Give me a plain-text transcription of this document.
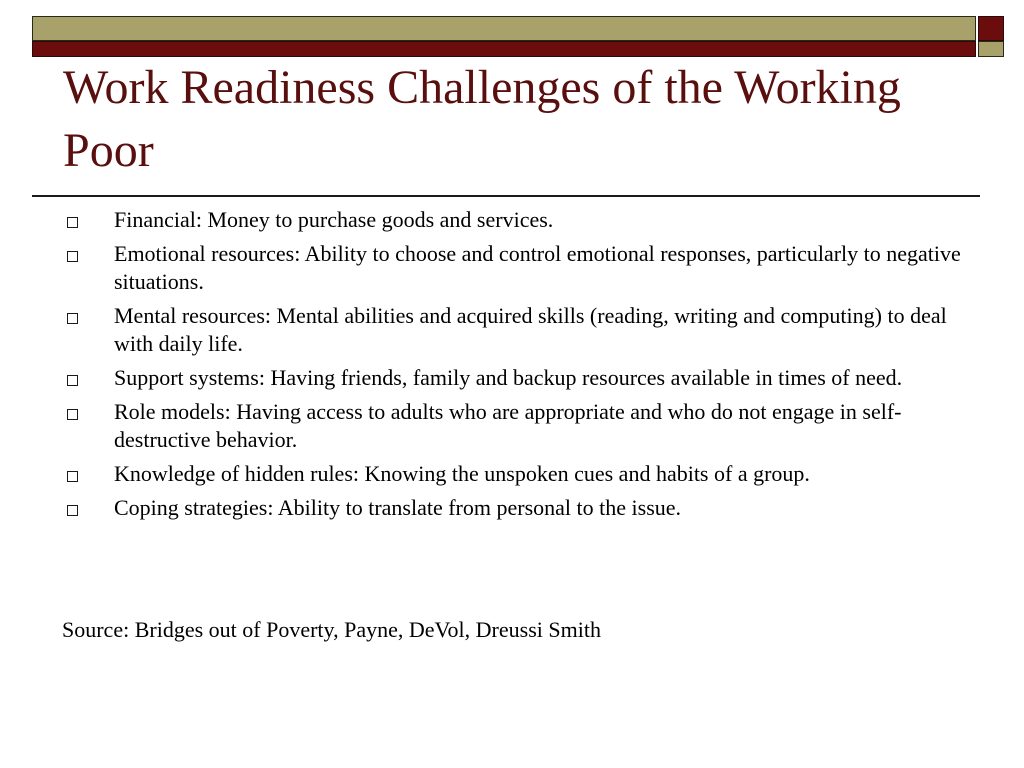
Work Readiness Challenges of the Working Poor
Financial: Money to purchase goods and services.
Emotional resources: Ability to choose and control emotional responses, particularly to negative situations.
Mental resources: Mental abilities and acquired skills (reading, writing and computing) to deal with daily life.
Support systems: Having friends, family and backup resources available in times of need.
Role models: Having access to adults who are appropriate and who do not engage in self-destructive behavior.
Knowledge of hidden rules: Knowing the unspoken cues and habits of a group.
Coping strategies: Ability to translate from personal to the issue.

Source: Bridges out of Poverty, Payne, DeVol, Dreussi Smith
